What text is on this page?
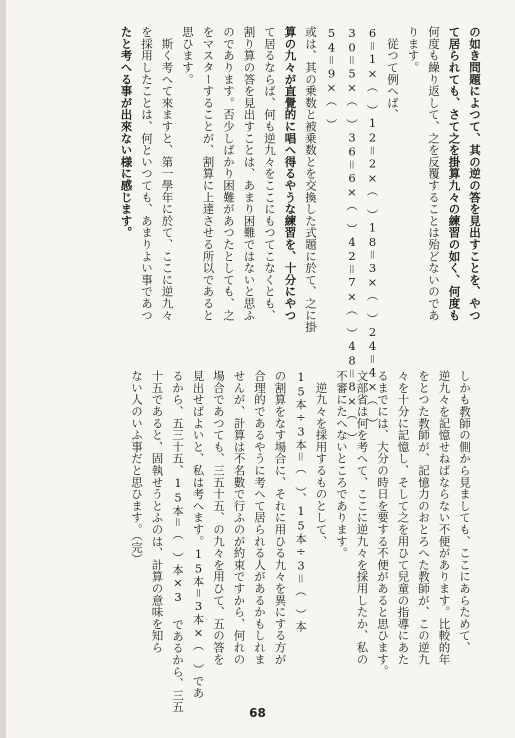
の如き問題によつて、其の逆の答を見出すことを、やつ
て居られても、さて之を掛算九々の練習の如く、何度も
何度も繰り返して、之を反覆することは殆どないのであ
ります。
　従つて例へば、
6＝1×（　）12＝2×（　）18＝3×（　）24＝4×（　）
30＝5×（　）36＝6×（　）42＝7×（　）48＝8×（　）
54＝9×（　）
或は、其の乗数と被乗数とを交換した式題に於て、之に掛
算の九々が直覺的に唱へ得るやうな練習を、十分にやつ
て居るならば、何も逆九々をここにもつてこなくとも、
割り算の答を見出すことは、あまり困難ではないと思ふ
のであります。否少しばかり困難があつたとしても、之
をマスターすることが、割算に上達させる所以であると
思ひます。
　斯く考へて來ますと、第一學年に於て、ここに逆九々
を採用したことは、何といつても、あまりよい事であつ
たと考へる事が出來ない様に感じます。
しかも教師の側から見ましても、ここにあらためて、
逆九々を記憶せねばならない不便があります。比較的年
をとつた教師が、記憶力のおとろへた教師が、この逆九
々を十分に記憶し、そして之を用ひて兒童の指導にあた
るまでには、大分の時日を要する不便があると思ひます。
文部省は何を考へて、ここに逆九々を採用したか、私の
不審にたへないところであります。
　逆九々を採用するものとして、
15本÷3本＝（　）、15本÷3＝（　）本
の割算をなす場合に、それに用ひる九々を異にする方が
合理的であるやうに考へて居られる人があるかもしれま
せんが、計算は不名數で行ふのが約束ですから、何れの
場合であつても、三五十五、の九々を用ひて、五の答を
見出せばよいと、私は考へます。15本＝3本×（　）であ
るから、五三十五、15本＝（　）本×3 であるから、三五
十五であると、固執せうとふのは、計算の意味を知ら
ない人のいふ事だと思ひます。（完）
68
